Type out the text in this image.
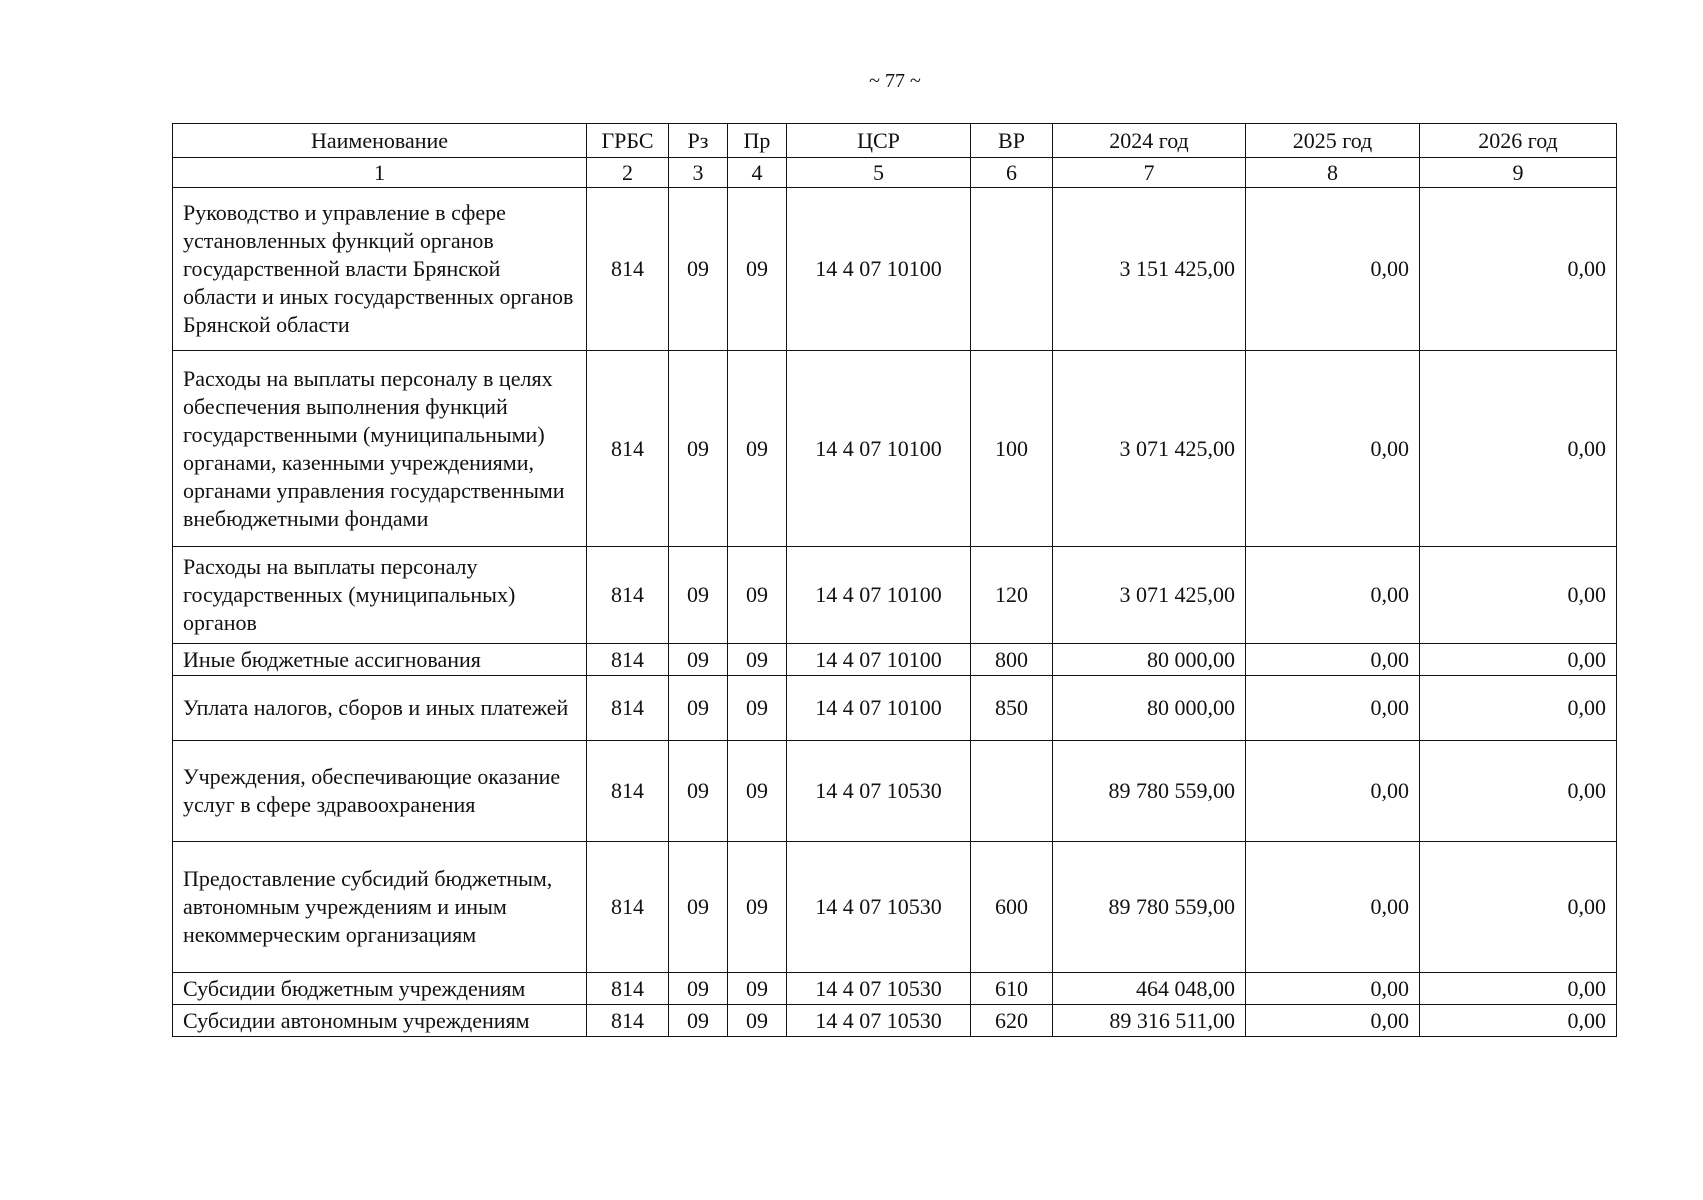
~ 77 ~
Наименование	ГРБС	Рз	Пр	ЦСР	ВР	2024 год	2025 год	2026 год
1	2	3	4	5	6	7	8	9
Руководство и управление в сфере установленных функций органов государственной власти Брянской области и иных государственных органов Брянской области	814	09	09	14 4 07 10100		3 151 425,00	0,00	0,00
Расходы на выплаты персоналу в целях обеспечения выполнения функций государственными (муниципальными) органами, казенными учреждениями, органами управления государственными внебюджетными фондами	814	09	09	14 4 07 10100	100	3 071 425,00	0,00	0,00
Расходы на выплаты персоналу государственных (муниципальных) органов	814	09	09	14 4 07 10100	120	3 071 425,00	0,00	0,00
Иные бюджетные ассигнования	814	09	09	14 4 07 10100	800	80 000,00	0,00	0,00
Уплата налогов, сборов и иных платежей	814	09	09	14 4 07 10100	850	80 000,00	0,00	0,00
Учреждения, обеспечивающие оказание услуг в сфере здравоохранения	814	09	09	14 4 07 10530		89 780 559,00	0,00	0,00
Предоставление субсидий бюджетным, автономным учреждениям и иным некоммерческим организациям	814	09	09	14 4 07 10530	600	89 780 559,00	0,00	0,00
Субсидии бюджетным учреждениям	814	09	09	14 4 07 10530	610	464 048,00	0,00	0,00
Субсидии автономным учреждениям	814	09	09	14 4 07 10530	620	89 316 511,00	0,00	0,00
